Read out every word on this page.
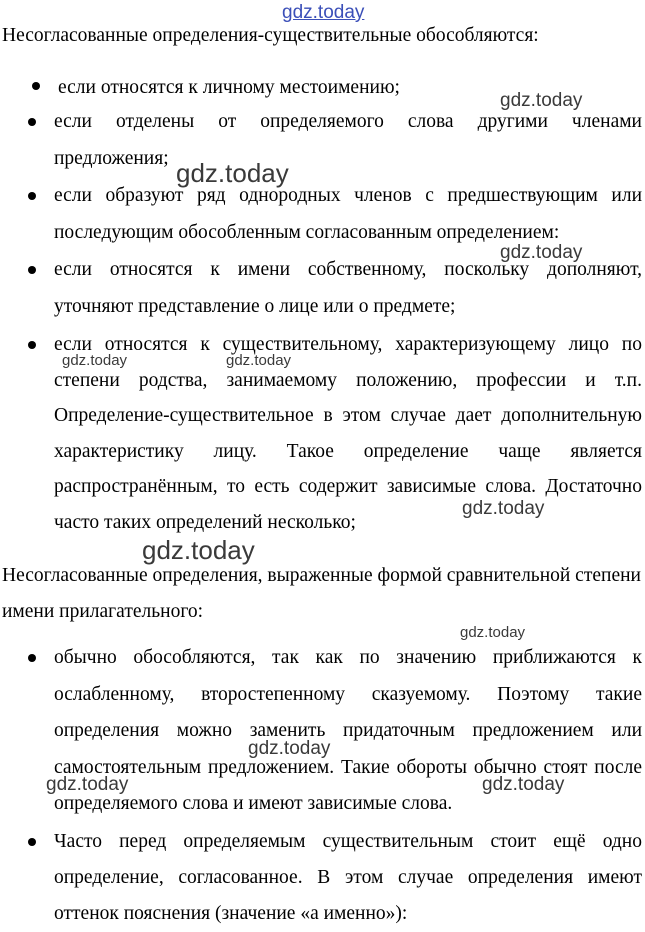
gdz.today

Несогласованные определения-существительные обособляются:

если относятся к личному местоимению;

если отделены от определяемого слова другими членами предложения;

если образуют ряд однородных членов с предшествующим или последующим обособленным согласованным определением:

если относятся к имени собственному, поскольку дополняют, уточняют представление о лице или о предмете;

если относятся к существительному, характеризующему лицо по степени родства, занимаемому положению, профессии и т.п. Определение-существительное в этом случае дает дополнительную характеристику лицу. Такое определение чаще является распространённым, то есть содержит зависимые слова. Достаточно часто таких определений несколько;

Несогласованные определения, выраженные формой сравнительной степени имени прилагательного:

обычно обособляются, так как по значению приближаются к ослабленному, второстепенному сказуемому. Поэтому такие определения можно заменить придаточным предложением или самостоятельным предложением. Такие обороты обычно стоят после определяемого слова и имеют зависимые слова.

Часто перед определяемым существительным стоит ещё одно определение, согласованное. В этом случае определения имеют оттенок пояснения (значение «а именно»):

gdz.today
gdz.today
gdz.today
gdz.today	gdz.today
gdz.today
gdz.today
gdz.today
gdz.today
gdz.today	gdz.today
